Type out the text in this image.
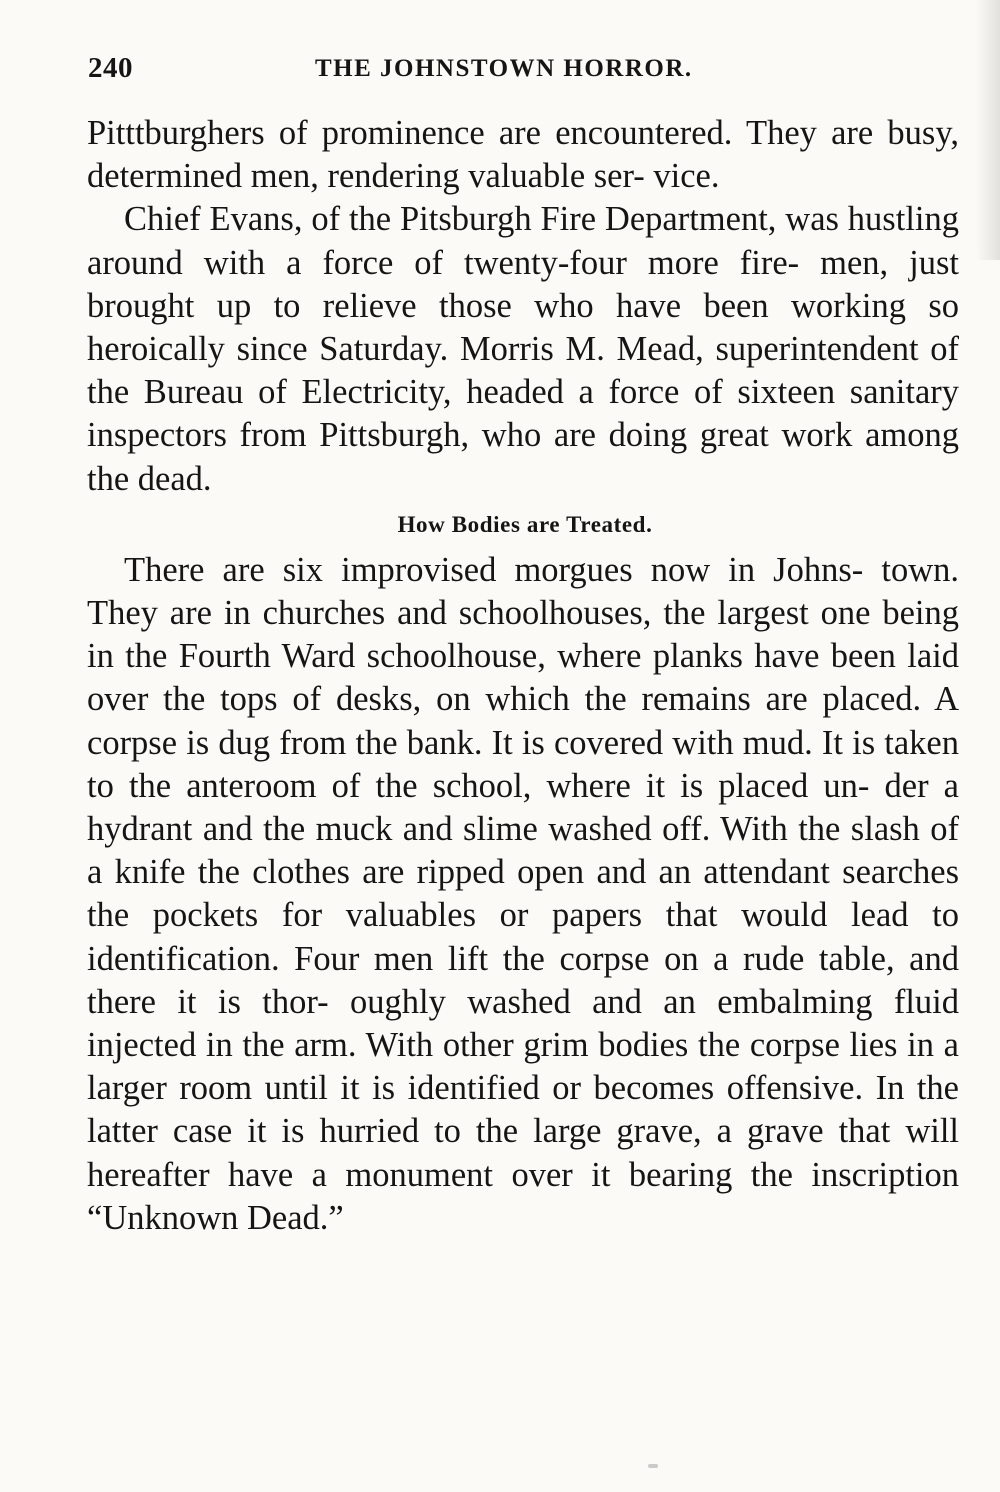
240	THE JOHNSTOWN HORROR.

Pitttburghers of prominence are encountered. They are busy, determined men, rendering valuable ser- vice.

Chief Evans, of the Pitsburgh Fire Department, was hustling around with a force of twenty-four more fire- men, just brought up to relieve those who have been working so heroically since Saturday. Morris M. Mead, superintendent of the Bureau of Electricity, headed a force of sixteen sanitary inspectors from Pittsburgh, who are doing great work among the dead.

How Bodies are Treated.

There are six improvised morgues now in Johns- town. They are in churches and schoolhouses, the largest one being in the Fourth Ward schoolhouse, where planks have been laid over the tops of desks, on which the remains are placed. A corpse is dug from the bank. It is covered with mud. It is taken to the anteroom of the school, where it is placed un- der a hydrant and the muck and slime washed off. With the slash of a knife the clothes are ripped open and an attendant searches the pockets for valuables or papers that would lead to identification. Four men lift the corpse on a rude table, and there it is thor- oughly washed and an embalming fluid injected in the arm. With other grim bodies the corpse lies in a larger room until it is identified or becomes offensive. In the latter case it is hurried to the large grave, a grave that will hereafter have a monument over it bearing the inscription “Unknown Dead.”
